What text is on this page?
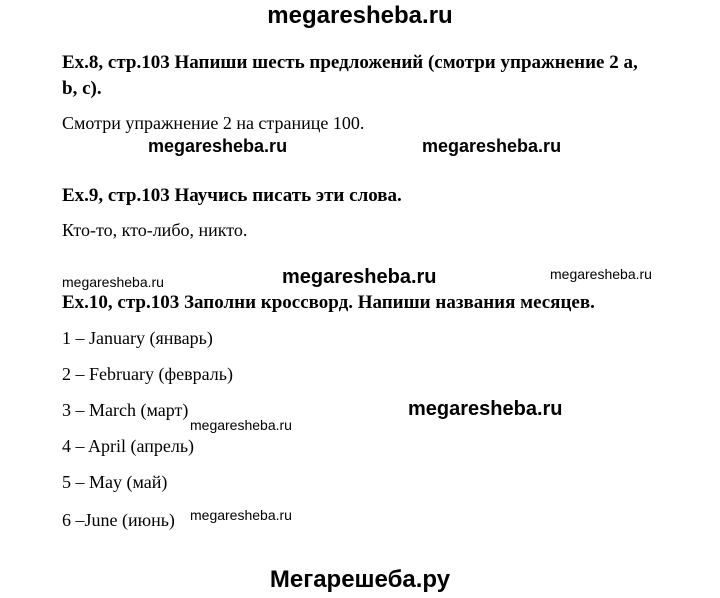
megaresheba.ru
Ex.8, стр.103 Напиши шесть предложений (смотри упражнение 2 a,
b, c).
Смотри упражнение 2 на странице 100.
megaresheba.ru	megaresheba.ru
Ex.9, стр.103 Научись писать эти слова.
Кто-то, кто-либо, никто.
megaresheba.ru	megaresheba.ru	megaresheba.ru
Ex.10, стр.103 Заполни кроссворд. Напиши названия месяцев.
1 – January (январь)
2 – February (февраль)
3 – March (март)
4 – April (апрель)
5 – May (май)
6 –June (июнь)
megaresheba.ru
megaresheba.ru
megaresheba.ru
Мегарешеба.ру
